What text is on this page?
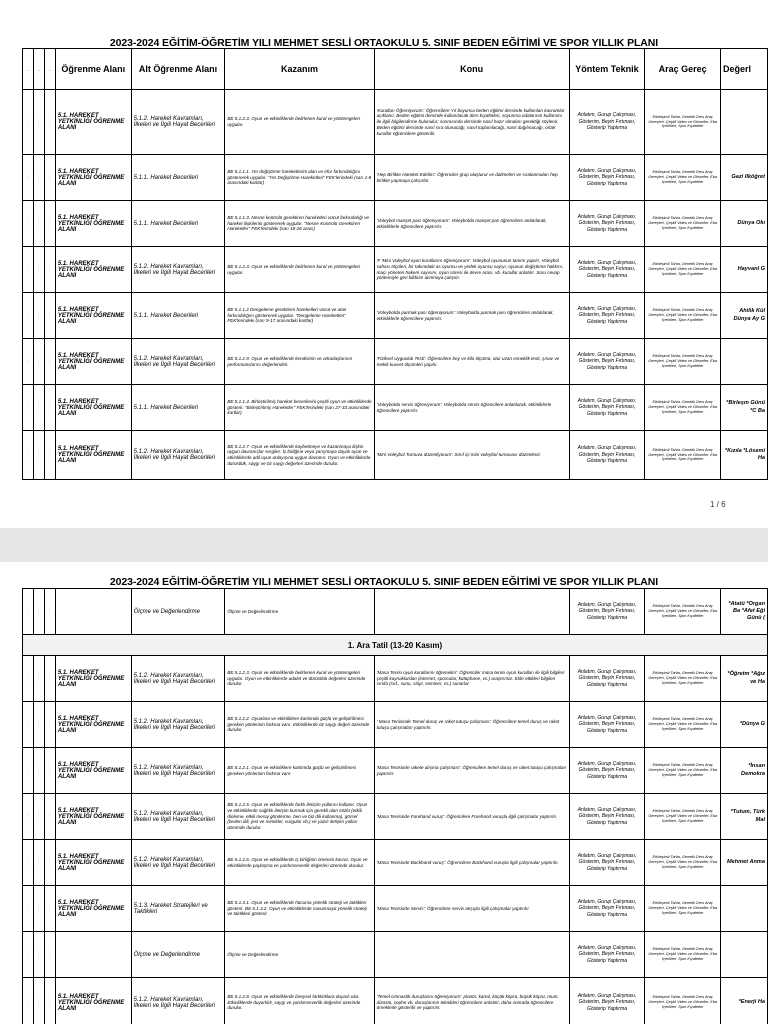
2023-2024 EĞİTİM-ÖĞRETİM YILI MEHMET SESLİ ORTAOKULU 5. SINIF BEDEN EĞİTİMİ VE SPOR YILLIK PLANI
-	-	-	Öğrenme Alanı	Alt Öğrenme Alanı	Kazanım	Konu	Yöntem Teknik	Araç Gereç	Değerl
· · ·	· · ·	· · ·	5.1. HAREKET YETKİNLİĞİ ÖĞRENME ALANI	5.1.2. Hareket Kavramları, İlkeleri ve İlgili Hayat Becerileri	BE.5.1.2.3. Oyun ve etkinliklerde belirlenen kural ve yöntemgeleri uygular.	'Kuralları Öğreniyorum': Öğrencilere Yıl boyunca beden eğitimi dersinde kullanılan kavramlar açıklanır, Beden eğitimi dersinde kullanılacak ders kıyafetleri, soyunma odalarının kullanımı ile ilgili bilgilendirme bulunulur; sonrasında dersinde nasıl hazır olmaları gerektiği söylenir. Beden eğitimi dersinde nasıl sıra olunacağı, nasıl toplanılacağı, nasıl dağılınacağı, ortak kurallar öğrencilere gösterilir.	Anlatım, Gurup Çalışması, Gösterim, Beyin Fırtınası, Gösterip Yaptırma	Etkileşimli Tahta, Genetik Ders Araç Gereçleri, Çeşitli Video ve Görseller, Eba İçerikleri, Spor Kıyafetler	
· · ·	· · ·	· · ·	5.1. HAREKET YETKİNLİĞİ ÖĞRENME ALANI	5.1.1. Hareket Becerileri	BE.5.1.1.1. Yer değiştirme hareketlerini alan ve efor farkındalığını göstererek uygular. "Yer Değiştirme Hareketleri" FEK'lerindeki (sarı 1-8 arasındaki kartlar)	'Hep Birlikte Hareket Edelim': Öğrenciler grup oluşturur ve dalimeleri ve sıralanmaları hep birlikte yapmaya çalışırlar	Anlatım, Gurup Çalışması, Gösterim, Beyin Fırtınası, Gösterip Yaptırma	Etkileşimli Tahta, Genetik Ders Araç Gereçleri, Çeşitli Video ve Görseller, Eba İçerikleri, Spor Kıyafetler	Gazi Ilköğret
· · ·	· · ·	· · ·	5.1. HAREKET YETKİNLİĞİ ÖĞRENME ALANI	5.1.1. Hareket Becerileri	BE.5.1.1.3. Nesne kontrolü gerektiren hareketleri vücut farkındalığı ve hareket ilişkilerini göstererek uygular. "Nesne Kontrolü Gerektiren Hareketler" FEK'lerindeki (sarı 18-26 arası)	'Voleybol manşet pası öğreniyorum': Voleybolda manşet pas öğrencilere anlatılarak, etkinliklerle öğrencilere yaptırılır.	Anlatım, Gurup Çalışması, Gösterim, Beyin Fırtınası, Gösterip Yaptırma	Etkileşimli Tahta, Genetik Ders Araç Gereçleri, Çeşitli Video ve Görseller, Eba İçerikleri, Spor Kıyafetler	Dünya Okı
· · ·	· · ·	· · ·	5.1. HAREKET YETKİNLİĞİ ÖĞRENME ALANI	5.1.2. Hareket Kavramları, İlkeleri ve İlgili Hayat Becerileri	BE.5.1.2.3. Oyun ve etkinliklerde belirlenen kural ve yöntemgeleri uygular.	'F 'Mini Voleybol oyun kurallarını öğreniyorum': Voleybol oyununun tanımı yapılır, Voleybol sahası ölçüleri, bir takımdaki as oyuncu ve yedek oyuncu sayıyı, oyunun değiştirme hakkını, maçı yöneten hakem sayısını, oyun süresi ile devre arası, vb. kurallar anlatılır. Soru cevap yöntemiyle geri bildirim alınmaya çalışılır.	Anlatım, Gurup Çalışması, Gösterim, Beyin Fırtınası, Gösterip Yaptırma	Etkileşimli Tahta, Genetik Ders Araç Gereçleri, Çeşitli Video ve Görseller, Eba İçerikleri, Spor Kıyafetler	Hayvanl G
· · ·	· · ·	· · ·	5.1. HAREKET YETKİNLİĞİ ÖĞRENME ALANI	5.1.1. Hareket Becerileri	BE.5.1.1.2 Dengeleme gerektiren hareketleri vücut ve alan farkındalığını göstererek uygular. "Dengeleme Hareketleri" FEK'lerindeki (sarı 9-17 arasındaki kartlar)	'Voleybolda parmak pası öğreniyorum': Voleybolda parmak pası öğrencilere anlatılarak, etkinliklerle öğrencilere yaptırılır.	Anlatım, Gurup Çalışması, Gösterim, Beyin Fırtınası, Gösterip Yaptırma	Etkileşimli Tahta, Genetik Ders Araç Gereçleri, Çeşitli Video ve Görseller, Eba İçerikleri, Spor Kıyafetler	Ahilik Kül Dünya Ay G
· · ·	· · ·	· · ·	5.1. HAREKET YETKİNLİĞİ ÖĞRENME ALANI	5.1.2. Hareket Kavramları, İlkeleri ve İlgili Hayat Becerileri	BE.5.1.2.9. Oyun ve etkinliklerde kendisinin ve arkadaşlarının performanslarını değerlendirir.	'Fiziksel Uygunluk Testi': Öğrencilere boy ve kilo ölçümü, otur uzan esneklik testi, şınav ve mekik kuvvet ölçümleri yapılır.	Anlatım, Gurup Çalışması, Gösterim, Beyin Fırtınası, Gösterip Yaptırma	Etkileşimli Tahta, Genetik Ders Araç Gereçleri, Çeşitli Video ve Görseller, Eba İçerikleri, Spor Kıyafetler	
· · ·	· · ·	· · ·	5.1. HAREKET YETKİNLİĞİ ÖĞRENME ALANI	5.1.1. Hareket Becerileri	BE.5.1.1.4. Birleştirilmiş hareket becerilerini çeşitli oyun ve etkinliklerde gösterir. "Birleştirilmiş Hareketler" FEK'lerindeki (sarı 27-33 arasındaki kartlar)	'Voleybolda servis öğreniyorum': Voleybolda servis öğrencilere anlatılarak, etkinliklerle öğrencilere yaptırılır.	Anlatım, Gurup Çalışması, Gösterim, Beyin Fırtınası, Gösterip Yaptırma	Etkileşimli Tahta, Genetik Ders Araç Gereçleri, Çeşitli Video ve Görseller, Eba İçerikleri, Spor Kıyafetler	*Birleşm Günü *C Ba
· · ·	· · ·	· · ·	5.1. HAREKET YETKİNLİĞİ ÖĞRENME ALANI	5.1.2. Hareket Kavramları, İlkeleri ve İlgili Hayat Becerileri	BE.5.1.2.7. Oyun ve etkinliklerde kaybetmeye ve kazanmaya ilişkin uygun davranışlar sergiler. İş birliğine veya yarışmaya dayalı oyun ve etkinliklerde adil oyun anlayışına uygun davranır. Oyun ve etkinliklerde dürüstlük, saygı ve öz saygı değerleri üzerinde durulur.	'Mini Voleybol Turnuva düzenliyorum': Sınıf içi mini voleybol turnuvası düzenlenir.	Anlatım, Gurup Çalışması, Gösterim, Beyin Fırtınası, Gösterip Yaptırma	Etkileşimli Tahta, Genetik Ders Araç Gereçleri, Çeşitli Video ve Görseller, Eba İçerikleri, Spor Kıyafetler	*Kızıla *Lösemi Ha
1 / 6
2023-2024 EĞİTİM-ÖĞRETİM YILI MEHMET SESLİ ORTAOKULU 5. SINIF BEDEN EĞİTİMİ VE SPOR YILLIK PLANI
· · ·	· · ·	· · ·		Ölçme ve Değerlendirme	Ölçme ve Değerlendirme		Anlatım, Gurup Çalışması, Gösterim, Beyin Fırtınası, Gösterip Yaptırma	Etkileşimli Tahta, Genetik Ders Araç Gereçleri, Çeşitli Video ve Görseller, Eba İçerikleri, Spor Kıyafetler	*Atatü *Organ Ba *Afet Eği Günü (
1. Ara Tatil (13-20 Kasım)									
· · ·	· · ·	· · ·	5.1. HAREKET YETKİNLİĞİ ÖĞRENME ALANI	5.1.2. Hareket Kavramları, İlkeleri ve İlgili Hayat Becerileri	BE.5.1.2.3. Oyun ve etkinliklerde belirlenen kural ve yöntemgeleri uygular. Oyun ve etkinliklerde adalet ve dürüstlük değerleri üzerinde durulur.	'Masa Tenisi oyun kurallarını öğrenelim': Öğrenciler masa tenisi oyun kuralları ile ilgili bilgileri çeşitli kaynaklardan (internet, sporcular, kütüphane, vs.) araştırırlar. Elde ettikleri bilgileri sınıfa (sıd., sunu, slayt, seminer, vs.) sunarlar	Anlatım, Gurup Çalışması, Gösterim, Beyin Fırtınası, Gösterip Yaptırma	Etkileşimli Tahta, Genetik Ders Araç Gereçleri, Çeşitli Video ve Görseller, Eba İçerikleri, Spor Kıyafetler	*Öğretm *Ağız ve Ha
· · ·	· · ·	· · ·	5.1. HAREKET YETKİNLİĞİ ÖĞRENME ALANI	5.1.2. Hareket Kavramları, İlkeleri ve İlgili Hayat Becerileri	BE.5.1.2.2. Oyunlara ve etkinliklere katılımda güçlü ve geliştirilmesi gereken yönlerinin farkına varır. Etkinliklerde öz saygı değeri üzerinde durulur.	' Masa Tenisinde Temel duruş ve raket tutuşu çalışması': Öğrencilere temel duruş ve raket tutuşu çalışmaları yaptırılır.	Anlatım, Gurup Çalışması, Gösterim, Beyin Fırtınası, Gösterip Yaptırma	Etkileşimli Tahta, Genetik Ders Araç Gereçleri, Çeşitli Video ve Görseller, Eba İçerikleri, Spor Kıyafetler	*Dünya G
· · ·	· · ·	· · ·	5.1. HAREKET YETKİNLİĞİ ÖĞRENME ALANI	5.1.2. Hareket Kavramları, İlkeleri ve İlgili Hayat Becerileri	BE.5.1.2.1. Oyun ve etkinliklere katılımda güçlü ve geliştirilmesi gereken yönlerinin farkına varır	'Masa Tenisinde rakete alışma çalışması': Öğrencilere temel duruş ve raket tutuşu çalışmaları yaptırılır.	Anlatım, Gurup Çalışması, Gösterim, Beyin Fırtınası, Gösterip Yaptırma	Etkileşimli Tahta, Genetik Ders Araç Gereçleri, Çeşitli Video ve Görseller, Eba İçerikleri, Spor Kıyafetler	*İnsan Demokra
· · ·	· · ·	· · ·	5.1. HAREKET YETKİNLİĞİ ÖĞRENME ALANI	5.1.2. Hareket Kavramları, İlkeleri ve İlgili Hayat Becerileri	BE.5.1.2.5. Oyun ve etkinliklerde farklı iletişim yollarını kullanır. Oyun ve etkinliklerde sağlıklı iletişim kurmak için gerekli olan sözlü (etkili dinleme, etkili mesaj gönderme, ben ve biz dili kullanma), görsel (beden dili, jest ve mimikler, vurgular vb.) ve yazılı iletişim yolları üzerinde durulur.	'Masa Tenisinde Forehand vuruş': Öğrencilere Forehand vuruşla ilgili çalışmalar yaptırılır.	Anlatım, Gurup Çalışması, Gösterim, Beyin Fırtınası, Gösterip Yaptırma	Etkileşimli Tahta, Genetik Ders Araç Gereçleri, Çeşitli Video ve Görseller, Eba İçerikleri, Spor Kıyafetler	*Tutum, Türk Mal
· · ·	· · ·	· · ·	5.1. HAREKET YETKİNLİĞİ ÖĞRENME ALANI	5.1.2. Hareket Kavramları, İlkeleri ve İlgili Hayat Becerileri	BE.5.1.2.6. Oyun ve etkinliklerde iş birliğinin önemini kavrar. Oyun ve etkinliklerde paylaşma ve yardımseverlik değerleri üzerinde durulur.	'Masa Tenisinde Backhand vuruş': Öğrencilere Backhand vuruşla ilgili çalışmalar yaptırılır.	Anlatım, Gurup Çalışması, Gösterim, Beyin Fırtınası, Gösterip Yaptırma	Etkileşimli Tahta, Genetik Ders Araç Gereçleri, Çeşitli Video ve Görseller, Eba İçerikleri, Spor Kıyafetler	Mehmet Anma
· · ·	· · ·	· · ·	5.1. HAREKET YETKİNLİĞİ ÖĞRENME ALANI	5.1.3. Hareket Stratejileri ve Taktikleri	BE.5.1.3.1. Oyun ve etkinliklerde hücuma yönelik strateji ve taktikleri gösterir. BE.5.1.3.2. Oyun ve etkinliklerde savunmaya yönelik strateji ve taktikleri gösterir.	'Masa Tenisinde Servis': Öğrencilere servis atışıyla ilgili çalışmalar yaptırılır.	Anlatım, Gurup Çalışması, Gösterim, Beyin Fırtınası, Gösterip Yaptırma	Etkileşimli Tahta, Genetik Ders Araç Gereçleri, Çeşitli Video ve Görseller, Eba İçerikleri, Spor Kıyafetler	
· · ·	· · ·	· · ·		Ölçme ve Değerlendirme	Ölçme ve Değerlendirme		Anlatım, Gurup Çalışması, Gösterim, Beyin Fırtınası, Gösterip Yaptırma	Etkileşimli Tahta, Genetik Ders Araç Gereçleri, Çeşitli Video ve Görseller, Eba İçerikleri, Spor Kıyafetler	
· · ·	· · ·	· · ·	5.1. HAREKET YETKİNLİĞİ ÖĞRENME ALANI	5.1.2. Hareket Kavramları, İlkeleri ve İlgili Hayat Becerileri	BE.5.1.2.8. Oyun ve etkinliklerde bireysel farklılıklara duyarlı olur. Etkinliklerde duyarlılık, saygı ve yardımseverlik değerleri üzerinde durulur.	'Temel cimnastik duruşlarını öğreniyorum': planör, kartal, küçük köprü, büyük köprü, mum, dizüstü, cephe vb. duruşlarının teknikleri öğrencilere anlatılır, daha sonrada öğrencilere örneklerle gösterilir ve yaptırılır.	Anlatım, Gurup Çalışması, Gösterim, Beyin Fırtınası, Gösterip Yaptırma	Etkileşimli Tahta, Genetik Ders Araç Gereçleri, Çeşitli Video ve Görseller, Eba İçerikleri, Spor Kıyafetler	*Enerji Ha
